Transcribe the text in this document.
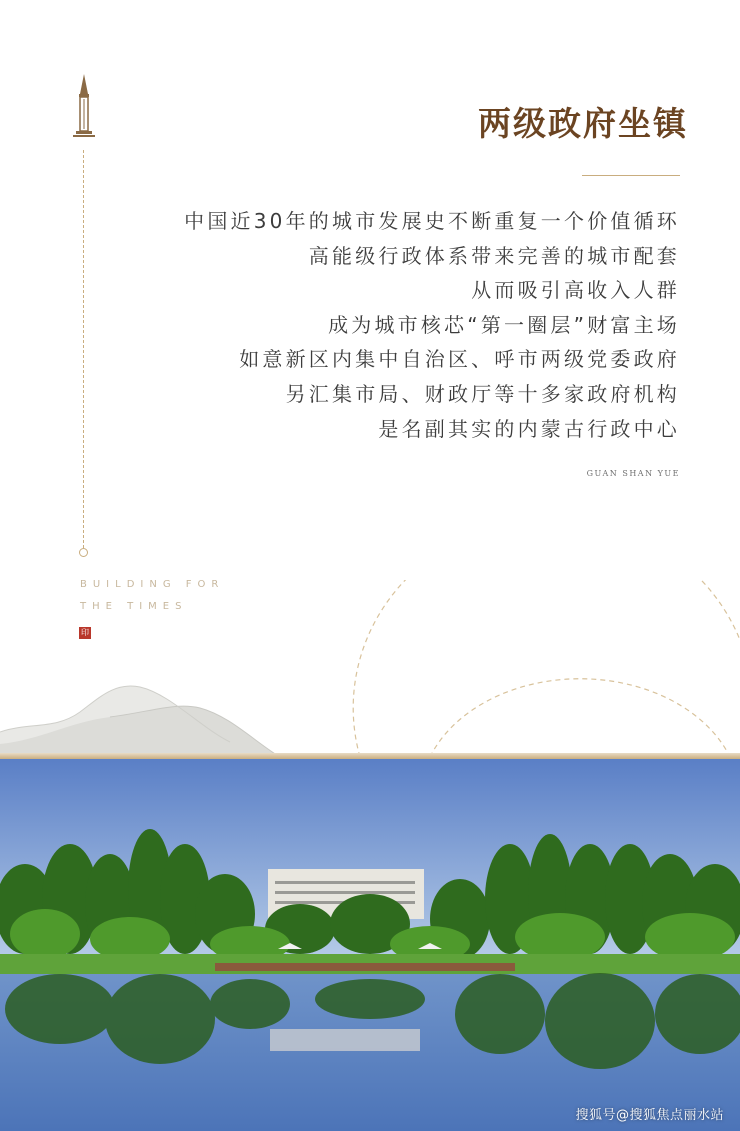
BUILDING FOR
THE TIMES
印
两级政府坐镇
中国近30年的城市发展史不断重复一个价值循环
高能级行政体系带来完善的城市配套
从而吸引高收入人群
成为城市核芯“第一圈层”财富主场
如意新区内集中自治区、呼市两级党委政府
另汇集市局、财政厅等十多家政府机构
是名副其实的内蒙古行政中心
GUAN SHAN YUE
搜狐号@搜狐焦点丽水站
